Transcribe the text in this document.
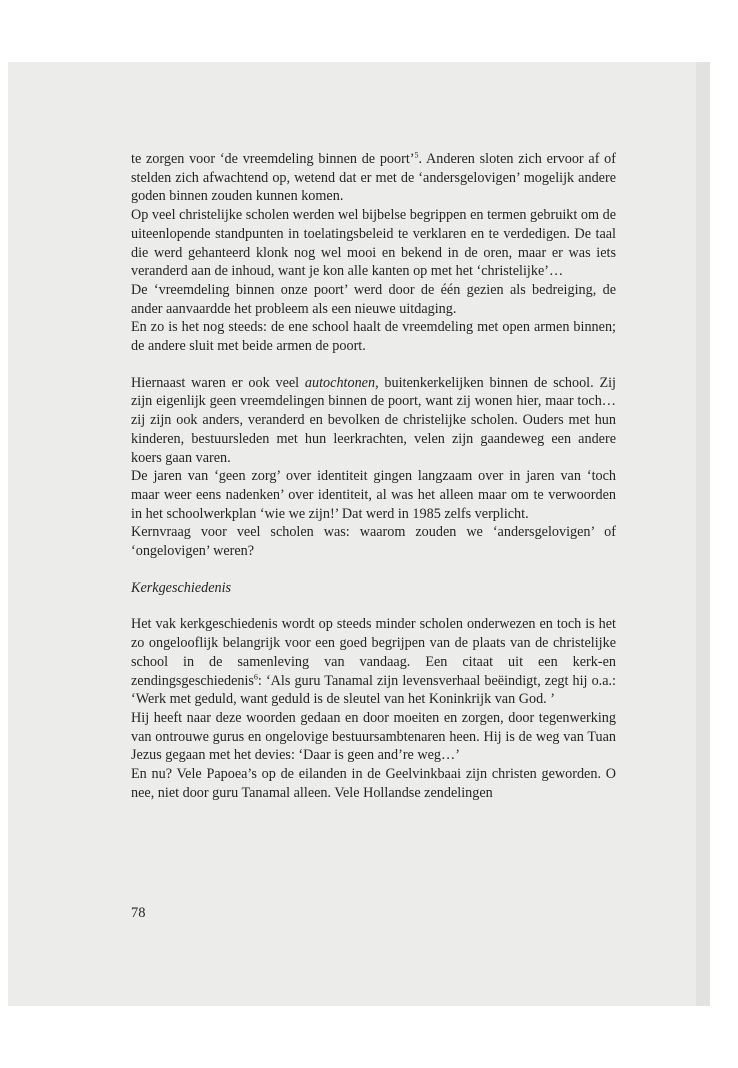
te zorgen voor ‘de vreemdeling binnen de poort’$^5$. Anderen sloten zich ervoor af of stelden zich afwachtend op, wetend dat er met de ‘andersgelovigen’ mogelijk andere goden binnen zouden kunnen komen.

Op veel christelijke scholen werden wel bijbelse begrippen en termen gebruikt om de uiteenlopende standpunten in toelatingsbeleid te verklaren en te verdedigen. De taal die werd gehanteerd klonk nog wel mooi en bekend in de oren, maar er was iets veranderd aan de inhoud, want je kon alle kanten op met het ‘christelijke’…

De ‘vreemdeling binnen onze poort’ werd door de één gezien als bedreiging, de ander aanvaardde het probleem als een nieuwe uitdaging.

En zo is het nog steeds: de ene school haalt de vreemdeling met open armen binnen; de andere sluit met beide armen de poort.

Hiernaast waren er ook veel autochtonen, buitenkerkelijken binnen de school. Zij zijn eigenlijk geen vreemdelingen binnen de poort, want zij wonen hier, maar toch… zij zijn ook anders, veranderd en bevolken de christelijke scholen. Ouders met hun kinderen, bestuursleden met hun leerkrachten, velen zijn gaandeweg een andere koers gaan varen.

De jaren van ‘geen zorg’ over identiteit gingen langzaam over in jaren van ‘toch maar weer eens nadenken’ over identiteit, al was het alleen maar om te verwoorden in het schoolwerkplan ‘wie we zijn!’ Dat werd in 1985 zelfs verplicht.

Kernvraag voor veel scholen was: waarom zouden we ‘andersgelovigen’ of ‘ongelovigen’ weren?

Kerkgeschiedenis

Het vak kerkgeschiedenis wordt op steeds minder scholen onderwezen en toch is het zo ongelooflijk belangrijk voor een goed begrijpen van de plaats van de christelijke school in de samenleving van vandaag. Een citaat uit een kerk-en zendingsgeschiedenis$^6$: ‘Als guru Tanamal zijn levensverhaal beëindigt, zegt hij o.a.: ‘Werk met geduld, want geduld is de sleutel van het Koninkrijk van God. ’

Hij heeft naar deze woorden gedaan en door moeiten en zorgen, door tegenwerking van ontrouwe gurus en ongelovige bestuursambtenaren heen. Hij is de weg van Tuan Jezus gegaan met het devies: ‘Daar is geen and’re weg…’

En nu? Vele Papoea’s op de eilanden in de Geelvinkbaai zijn christen geworden. O nee, niet door guru Tanamal alleen. Vele Hollandse zendelingen

78
